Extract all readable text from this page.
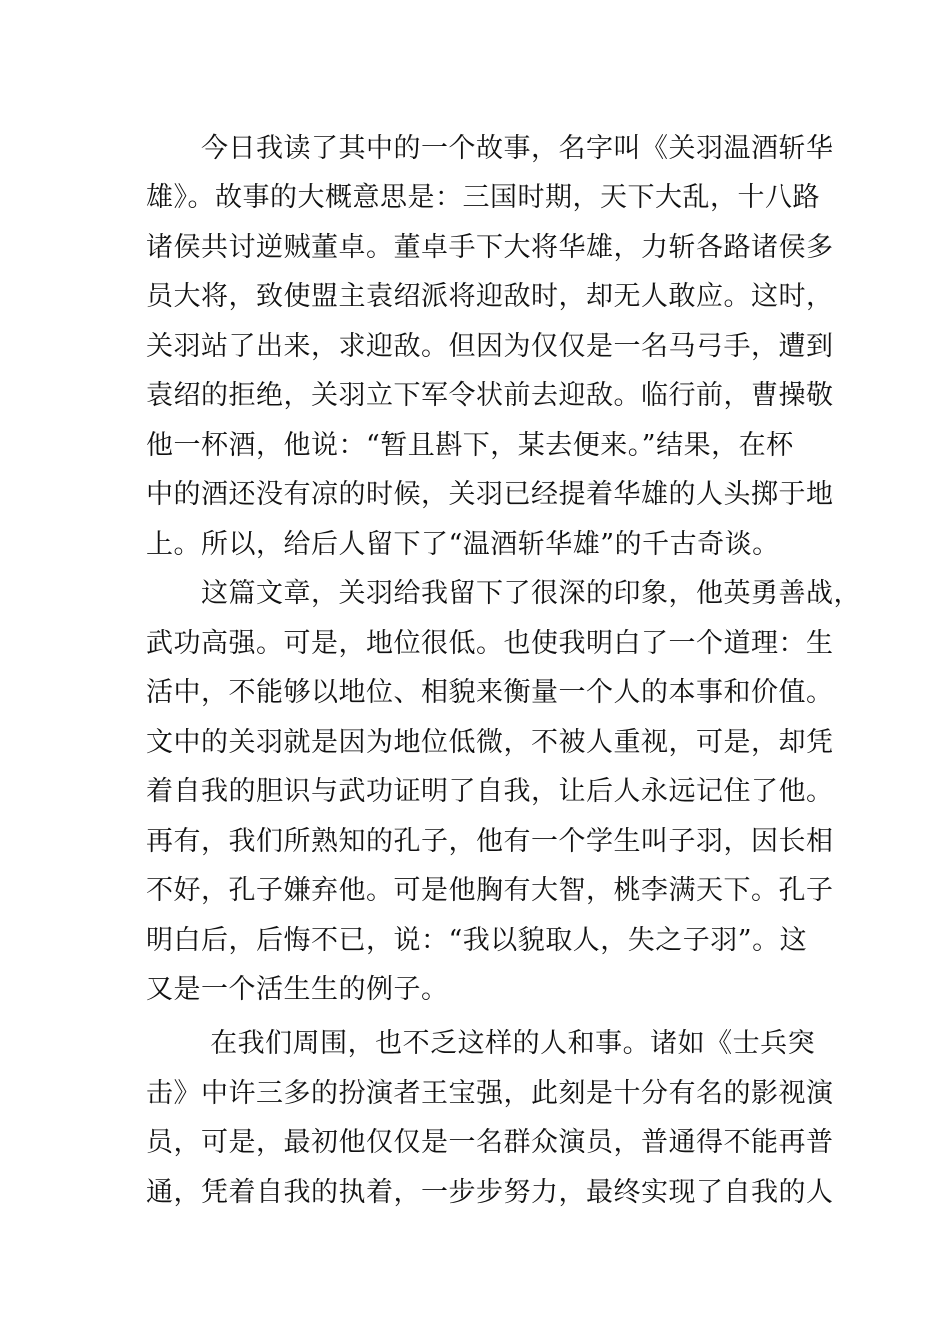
　　今日我读了其中的一个故事，名字叫《关羽温酒斩华
雄》。故事的大概意思是：三国时期，天下大乱，十八路
诸侯共讨逆贼董卓。董卓手下大将华雄，力斩各路诸侯多
员大将，致使盟主袁绍派将迎敌时，却无人敢应。这时，
关羽站了出来，求迎敌。但因为仅仅是一名马弓手，遭到
袁绍的拒绝，关羽立下军令状前去迎敌。临行前，曹操敬
他一杯酒，他说：“暂且斟下，某去便来。”结果，在杯
中的酒还没有凉的时候，关羽已经提着华雄的人头掷于地
上。所以，给后人留下了“温酒斩华雄”的千古奇谈。
　　这篇文章，关羽给我留下了很深的印象，他英勇善战，
武功高强。可是，地位很低。也使我明白了一个道理：生
活中，不能够以地位、相貌来衡量一个人的本事和价值。
文中的关羽就是因为地位低微，不被人重视，可是，却凭
着自我的胆识与武功证明了自我，让后人永远记住了他。
再有，我们所熟知的孔子，他有一个学生叫子羽，因长相
不好，孔子嫌弃他。可是他胸有大智，桃李满天下。孔子
明白后，后悔不已，说：“我以貌取人，失之子羽”。这
又是一个活生生的例子。
　　 在我们周围，也不乏这样的人和事。诸如《士兵突
击》中许三多的扮演者王宝强，此刻是十分有名的影视演
员，可是，最初他仅仅是一名群众演员，普通得不能再普
通，凭着自我的执着，一步步努力，最终实现了自我的人
